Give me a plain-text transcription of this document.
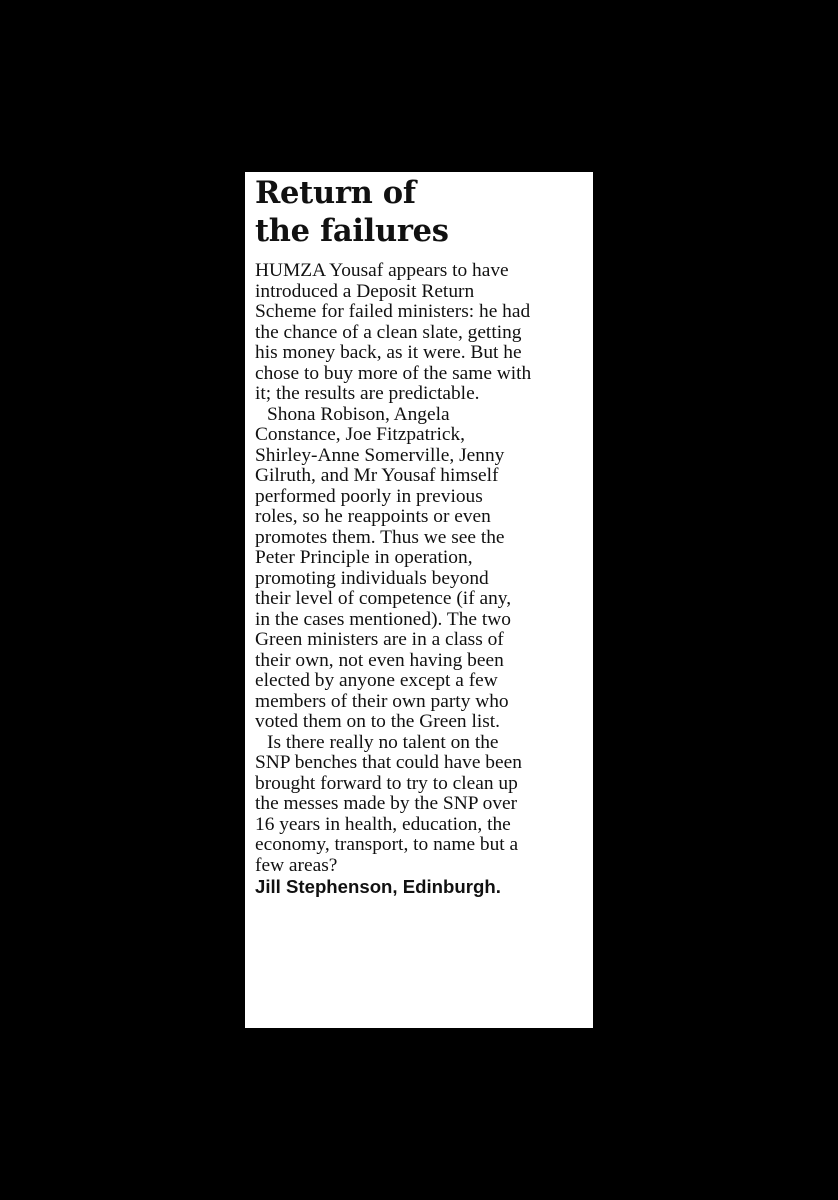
Return of
the failures

HUMZA Yousaf appears to have
introduced a Deposit Return
Scheme for failed ministers: he had
the chance of a clean slate, getting
his money back, as it were. But he
chose to buy more of the same with
it; the results are predictable.

Shona Robison, Angela
Constance, Joe Fitzpatrick,
Shirley-Anne Somerville, Jenny
Gilruth, and Mr Yousaf himself
performed poorly in previous
roles, so he reappoints or even
promotes them. Thus we see the
Peter Principle in operation,
promoting individuals beyond
their level of competence (if any,
in the cases mentioned). The two
Green ministers are in a class of
their own, not even having been
elected by anyone except a few
members of their own party who
voted them on to the Green list.

Is there really no talent on the
SNP benches that could have been
brought forward to try to clean up
the messes made by the SNP over
16 years in health, education, the
economy, transport, to name but a
few areas?

Jill Stephenson, Edinburgh.
